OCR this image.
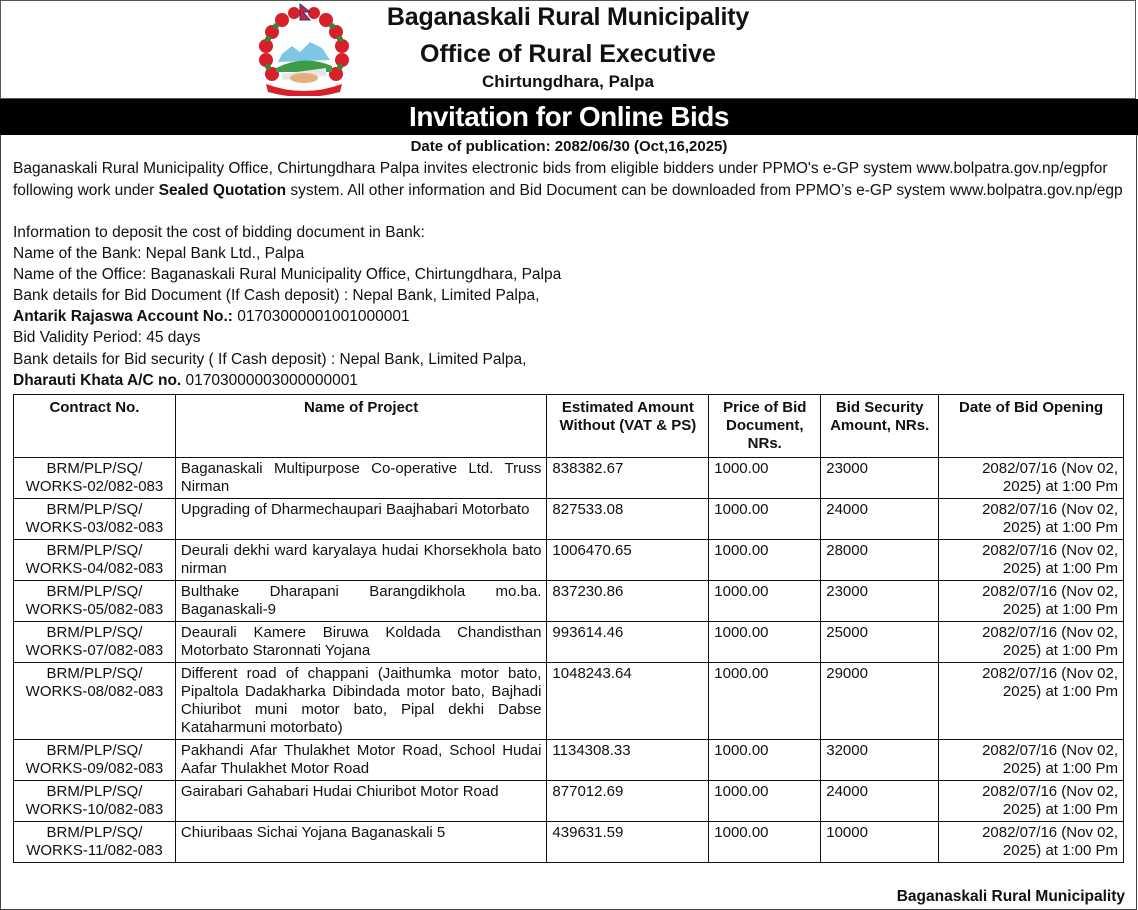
Baganaskali Rural Municipality
Office of Rural Executive
Chirtungdhara, Palpa
Invitation for Online Bids
Date of publication: 2082/06/30 (Oct,16,2025)
Baganaskali Rural Municipality Office, Chirtungdhara Palpa invites electronic bids from eligible bidders under PPMO's e-GP system www.bolpatra.gov.np/egpfor following work under Sealed Quotation system. All other information and Bid Document can be downloaded from PPMO’s e-GP system www.bolpatra.gov.np/egp
Information to deposit the cost of bidding document in Bank:
Name of the Bank: Nepal Bank Ltd., Palpa
Name of the Office: Baganaskali Rural Municipality Office, Chirtungdhara, Palpa
Bank details for Bid Document (If Cash deposit) : Nepal Bank, Limited Palpa,
Antarik Rajaswa Account No.: 01703000001001000001
Bid Validity Period: 45 days
Bank details for Bid security ( If Cash deposit) : Nepal Bank, Limited Palpa,
Dharauti Khata A/C no. 01703000003000000001
Contract No.	Name of Project	Estimated Amount Without (VAT & PS)	Price of Bid Document, NRs.	Bid Security Amount, NRs.	Date of Bid Opening
BRM/PLP/SQ/ WORKS-02/082-083	Baganaskali Multipurpose Co-operative Ltd. Truss Nirman	838382.67	1000.00	23000	2082/07/16 (Nov 02, 2025) at 1:00 Pm
BRM/PLP/SQ/ WORKS-03/082-083	Upgrading of Dharmechaupari Baajhabari Motorbato	827533.08	1000.00	24000	2082/07/16 (Nov 02, 2025) at 1:00 Pm
BRM/PLP/SQ/ WORKS-04/082-083	Deurali dekhi ward karyalaya hudai Khorsekhola bato nirman	1006470.65	1000.00	28000	2082/07/16 (Nov 02, 2025) at 1:00 Pm
BRM/PLP/SQ/ WORKS-05/082-083	Bulthake Dharapani Barangdikhola mo.ba. Baganaskali-9	837230.86	1000.00	23000	2082/07/16 (Nov 02, 2025) at 1:00 Pm
BRM/PLP/SQ/ WORKS-07/082-083	Deaurali Kamere Biruwa Koldada Chandisthan Motorbato Staronnati Yojana	993614.46	1000.00	25000	2082/07/16 (Nov 02, 2025) at 1:00 Pm
BRM/PLP/SQ/ WORKS-08/082-083	Different road of chappani (Jaithumka motor bato, Pipaltola Dadakharka Dibindada motor bato, Bajhadi Chiuribot muni motor bato, Pipal dekhi Dabse Kataharmuni motorbato)	1048243.64	1000.00	29000	2082/07/16 (Nov 02, 2025) at 1:00 Pm
BRM/PLP/SQ/ WORKS-09/082-083	Pakhandi Afar Thulakhet Motor Road, School Hudai Aafar Thulakhet Motor Road	1134308.33	1000.00	32000	2082/07/16 (Nov 02, 2025) at 1:00 Pm
BRM/PLP/SQ/ WORKS-10/082-083	Gairabari Gahabari Hudai Chiuribot Motor Road	877012.69	1000.00	24000	2082/07/16 (Nov 02, 2025) at 1:00 Pm
BRM/PLP/SQ/ WORKS-11/082-083	Chiuribaas Sichai Yojana Baganaskali 5	439631.59	1000.00	10000	2082/07/16 (Nov 02, 2025) at 1:00 Pm
Baganaskali Rural Municipality
